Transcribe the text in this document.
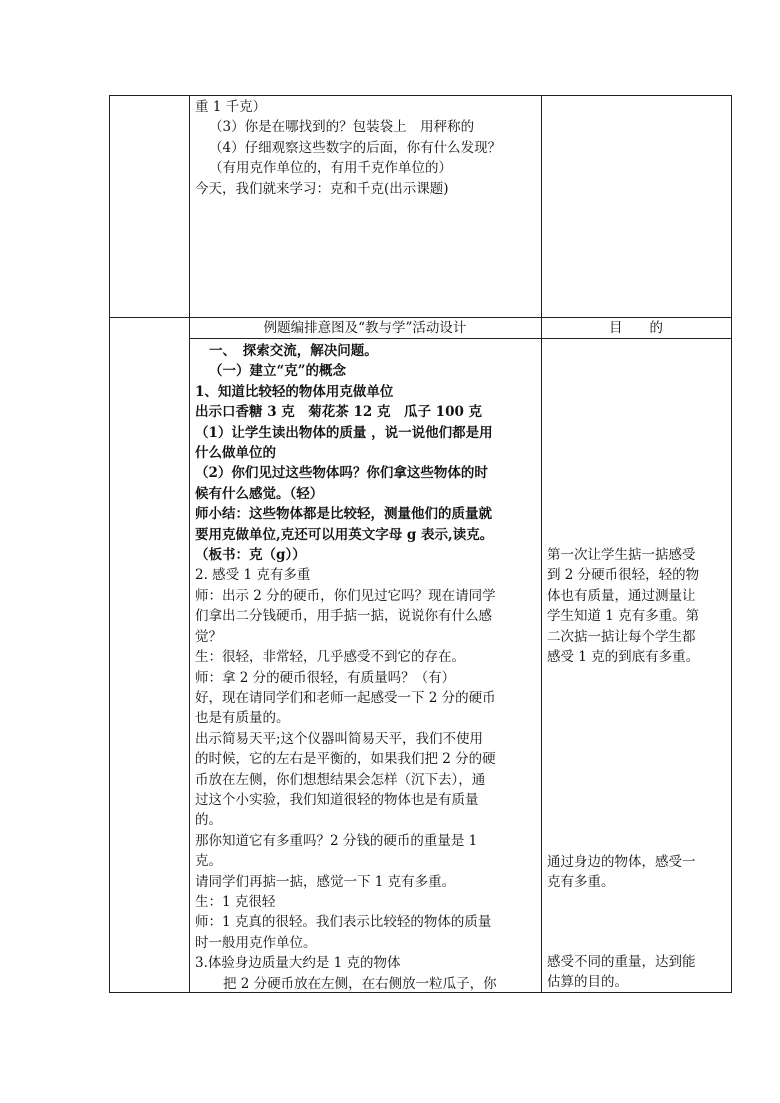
重 1 千克）

（3）你是在哪找到的？包装袋上　用秤称的

（4）仔细观察这些数字的后面，你有什么发现？

（有用克作单位的，有用千克作单位的）

今天，我们就来学习：克和千克(出示课题)

例题编排意图及“教与学”活动设计	目　　的

一、　探索交流，解决问题。

（一）建立“克”的概念

1、知道比较轻的物体用克做单位

出示口香糖 3 克　菊花茶 12 克　瓜子 100 克

（1）让学生读出物体的质量 ，说一说他们都是用

什么做单位的

（2）你们见过这些物体吗？你们拿这些物体的时

候有什么感觉。（轻）

师小结：这些物体都是比较轻，测量他们的质量就

要用克做单位,克还可以用英文字母 g 表示,读克。

（板书：克（g））

2. 感受 1 克有多重

师：出示 2 分的硬币，你们见过它吗？现在请同学

们拿出二分钱硬币，用手掂一掂，说说你有什么感

觉？

生：很轻，非常轻，几乎感受不到它的存在。

师：拿 2 分的硬币很轻，有质量吗？（有）

好，现在请同学们和老师一起感受一下 2 分的硬币

也是有质量的。

出示简易天平;这个仪器叫简易天平，我们不使用

的时候，它的左右是平衡的，如果我们把 2 分的硬

币放在左侧，你们想想结果会怎样（沉下去），通

过这个小实验，我们知道很轻的物体也是有质量

的。

那你知道它有多重吗？2 分钱的硬币的重量是 1

克。

请同学们再掂一掂，感觉一下 1 克有多重。

生：1 克很轻

师：1 克真的很轻。我们表示比较轻的物体的质量

时一般用克作单位。

3.体验身边质量大约是 1 克的物体

把 2 分硬币放在左侧，在右侧放一粒瓜子，你

第一次让学生掂一掂感受

到 2 分硬币很轻，轻的物

体也有质量，通过测量让

学生知道 1 克有多重。第

二次掂一掂让每个学生都

感受 1 克的到底有多重。

通过身边的物体，感受一

克有多重。

感受不同的重量，达到能

估算的目的。
